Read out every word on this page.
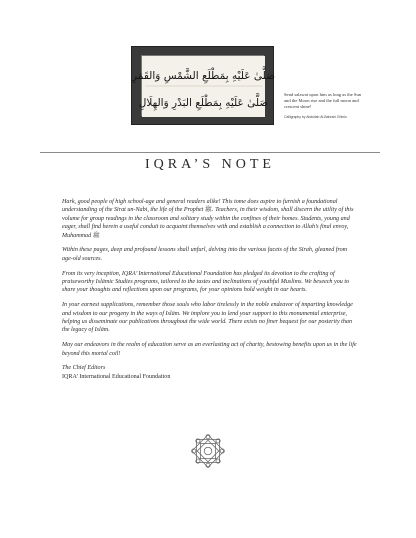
صَلَّىٰ عَلَيْهِ بِمَطْلَعِ الشَّمْسِ وَالقَمَرِ
صَلَّىٰ عَلَيْهِ بِمَطْلَعِ البَدْرِ وَالهِلَالِ
Send salawat upon him as long as the Sun and the Moon rise and the full moon and crescent shine!
Calligraphy by Abdullah Al-Bahrani Ghinlo
IQRA’S NOTE

Hark, good people of high school-age and general readers alike! This tome does aspire to furnish a foundational understanding of the Sīrat un-Nabi, the life of the Prophet ﷺ. Teachers, in their wisdom, shall discern the utility of this volume for group readings in the classroom and solitary study within the confines of their homes. Students, young and eager, shall find herein a useful conduit to acquaint themselves with and establish a connection to Allah’s final envoy, Muhammad ﷺ

Within these pages, deep and profound lessons shall unfurl, delving into the various facets of the Sīrah, gleaned from age-old sources.

From its very inception, IQRA’ International Educational Foundation has pledged its devotion to the crafting of praiseworthy Islāmic Studies programs, tailored to the tastes and inclinations of youthful Muslims. We beseech you to share your thoughts and reflections upon our programs, for your opinions hold weight in our hearts.

In your earnest supplications, remember those souls who labor tirelessly in the noble endeavor of imparting knowledge and wisdom to our progeny in the ways of Islām. We implore you to lend your support to this monumental enterprise, helping us disseminate our publications throughout the wide world. There exists no finer bequest for our posterity than the legacy of Islām.

May our endeavors in the realm of education serve as an everlasting act of charity, bestowing benefits upon us in the life beyond this mortal coil!

The Chief Editors
IQRA’ International Educational Foundation
